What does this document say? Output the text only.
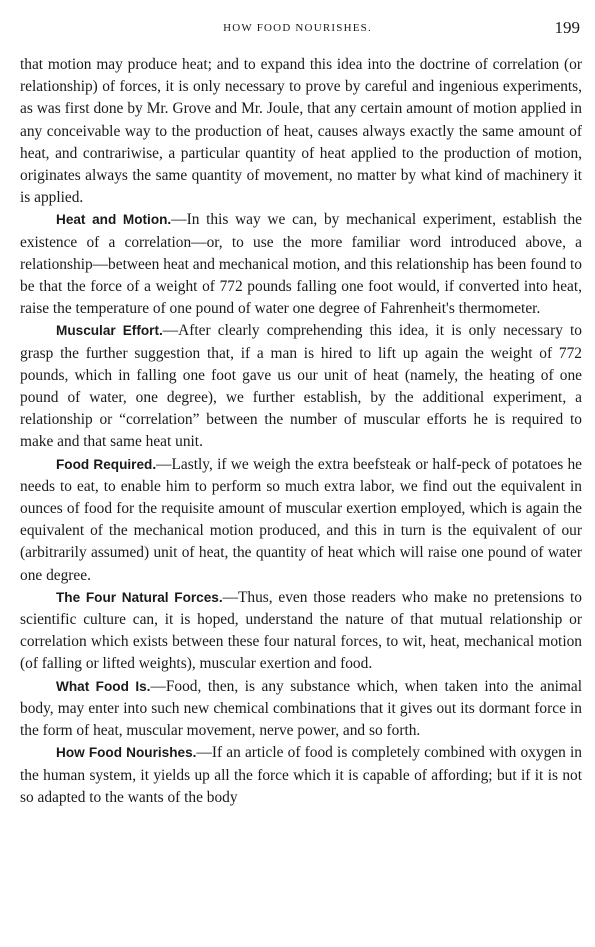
HOW FOOD NOURISHES.	199

that motion may produce heat; and to expand this idea into the doctrine of correlation (or relationship) of forces, it is only necessary to prove by careful and ingenious experiments, as was first done by Mr. Grove and Mr. Joule, that any certain amount of motion applied in any conceivable way to the production of heat, causes always exactly the same amount of heat, and contrariwise, a particular quantity of heat applied to the production of motion, originates always the same quantity of movement, no matter by what kind of machinery it is applied.

Heat and Motion.—In this way we can, by mechanical experiment, establish the existence of a correlation—or, to use the more familiar word introduced above, a relationship—between heat and mechanical motion, and this relationship has been found to be that the force of a weight of 772 pounds falling one foot would, if converted into heat, raise the temperature of one pound of water one degree of Fahrenheit's thermometer.

Muscular Effort.—After clearly comprehending this idea, it is only necessary to grasp the further suggestion that, if a man is hired to lift up again the weight of 772 pounds, which in falling one foot gave us our unit of heat (namely, the heating of one pound of water, one degree), we further establish, by the additional experiment, a relationship or “correlation” between the number of muscular efforts he is required to make and that same heat unit.

Food Required.—Lastly, if we weigh the extra beefsteak or half-peck of potatoes he needs to eat, to enable him to perform so much extra labor, we find out the equivalent in ounces of food for the requisite amount of muscular exertion employed, which is again the equivalent of the mechanical motion produced, and this in turn is the equivalent of our (arbitrarily assumed) unit of heat, the quantity of heat which will raise one pound of water one degree.

The Four Natural Forces.—Thus, even those readers who make no pretensions to scientific culture can, it is hoped, understand the nature of that mutual relationship or correlation which exists between these four natural forces, to wit, heat, mechanical motion (of falling or lifted weights), muscular exertion and food.

What Food Is.—Food, then, is any substance which, when taken into the animal body, may enter into such new chemical combinations that it gives out its dormant force in the form of heat, muscular movement, nerve power, and so forth.

How Food Nourishes.—If an article of food is completely combined with oxygen in the human system, it yields up all the force which it is capable of affording; but if it is not so adapted to the wants of the body
